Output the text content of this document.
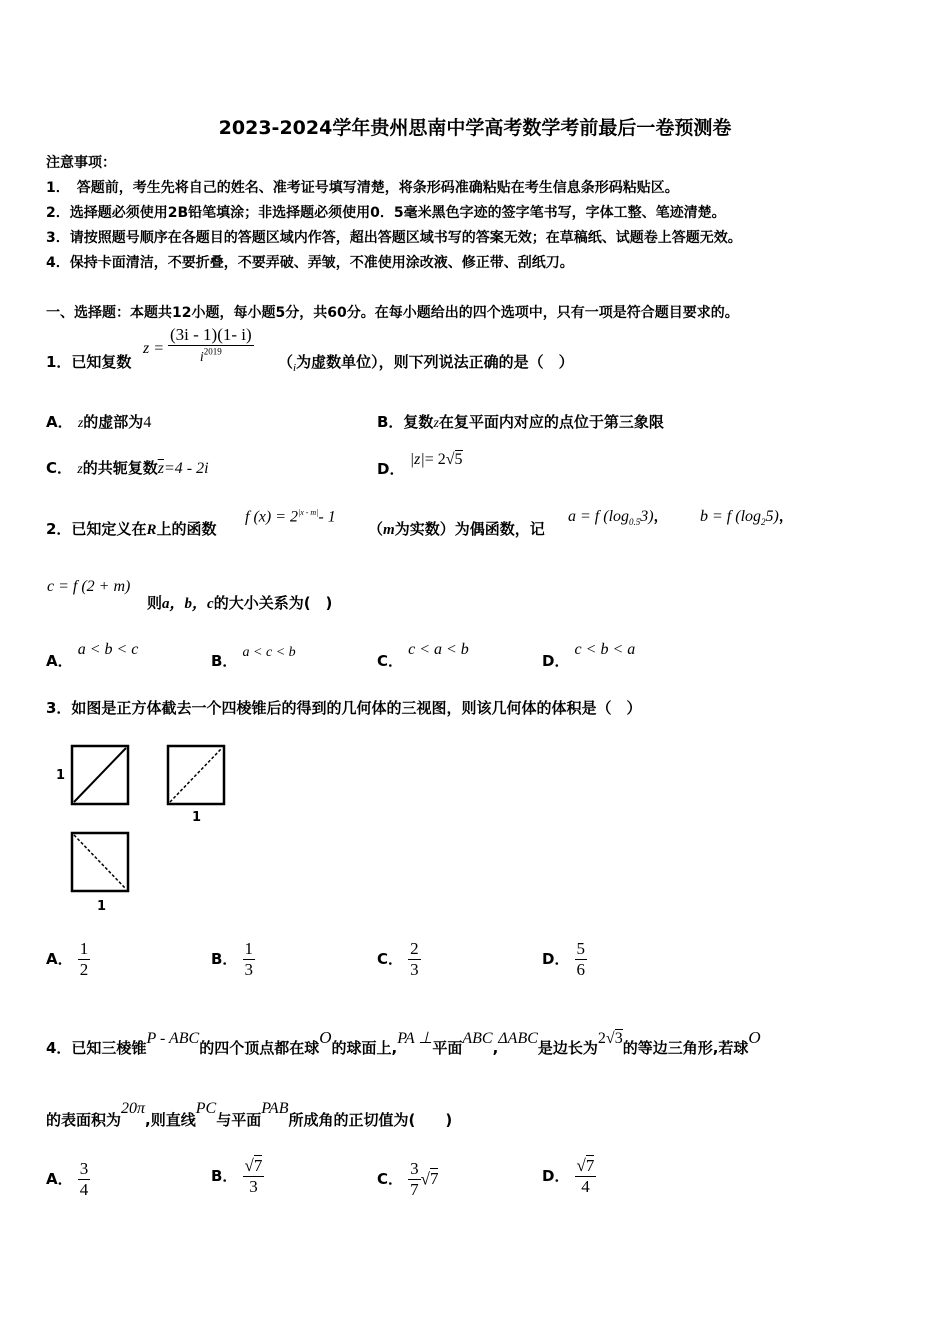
2023-2024学年贵州思南中学高考数学考前最后一卷预测卷
注意事项：
1．　答题前，考生先将自己的姓名、准考证号填写清楚，将条形码准确粘贴在考生信息条形码粘贴区。
2．选择题必须使用2B铅笔填涂；非选择题必须使用0．5毫米黑色字迹的签字笔书写，字体工整、笔迹清楚。
3．请按照题号顺序在各题目的答题区域内作答，超出答题区域书写的答案无效；在草稿纸、试题卷上答题无效。
4．保持卡面清洁，不要折叠，不要弄破、弄皱，不准使用涂改液、修正带、刮纸刀。
一、选择题：本题共12小题，每小题5分，共60分。在每小题给出的四个选项中，只有一项是符合题目要求的。
1．已知复数
$z = \frac{(3i - 1)(1- i)}{i^{2019}} (_i$为虚数单位），则下列说法正确的是（　）
A． z的虚部为4	B．复数z在复平面内对应的点位于第三象限
C． z的共轭复数$\overline{z}=4 - 2i$	D． |z|= 2√5
2．已知定义在R上的函数
f $(x) = 2^{|x - m|}-$ 1
（m为实数）为偶函数，记
a = f $(\log_{0.5}3)$， b = f $(\log_25)$，
c = f (2 + m)
则a，b，c的大小关系为(　)
A． a < b < c
B． a < c < b	C． c < a < b
D． c < b < a
3．如图是正方体截去一个四棱锥后的得到的几何体的三视图，则该几何体的体积是（　）
1
1
1
A． $\frac{1}{2}$	B． $\frac{1}{3}$	C． $\frac{2}{3}$	D． $\frac{5}{6}$
4．已知三棱锥P - ABC的四个顶点都在球O的球面上,PA ⊥平面ABC,ΔABC是边长为2√3的等边三角形,若球O
的表面积为20π,则直线PC与平面PAB所成角的正切值为(　　)
A． $\frac{3}{4}$	B． $\frac{√7}{3}$	C． $\frac{3}{7} √7$	D． $\frac{√7}{4}$
